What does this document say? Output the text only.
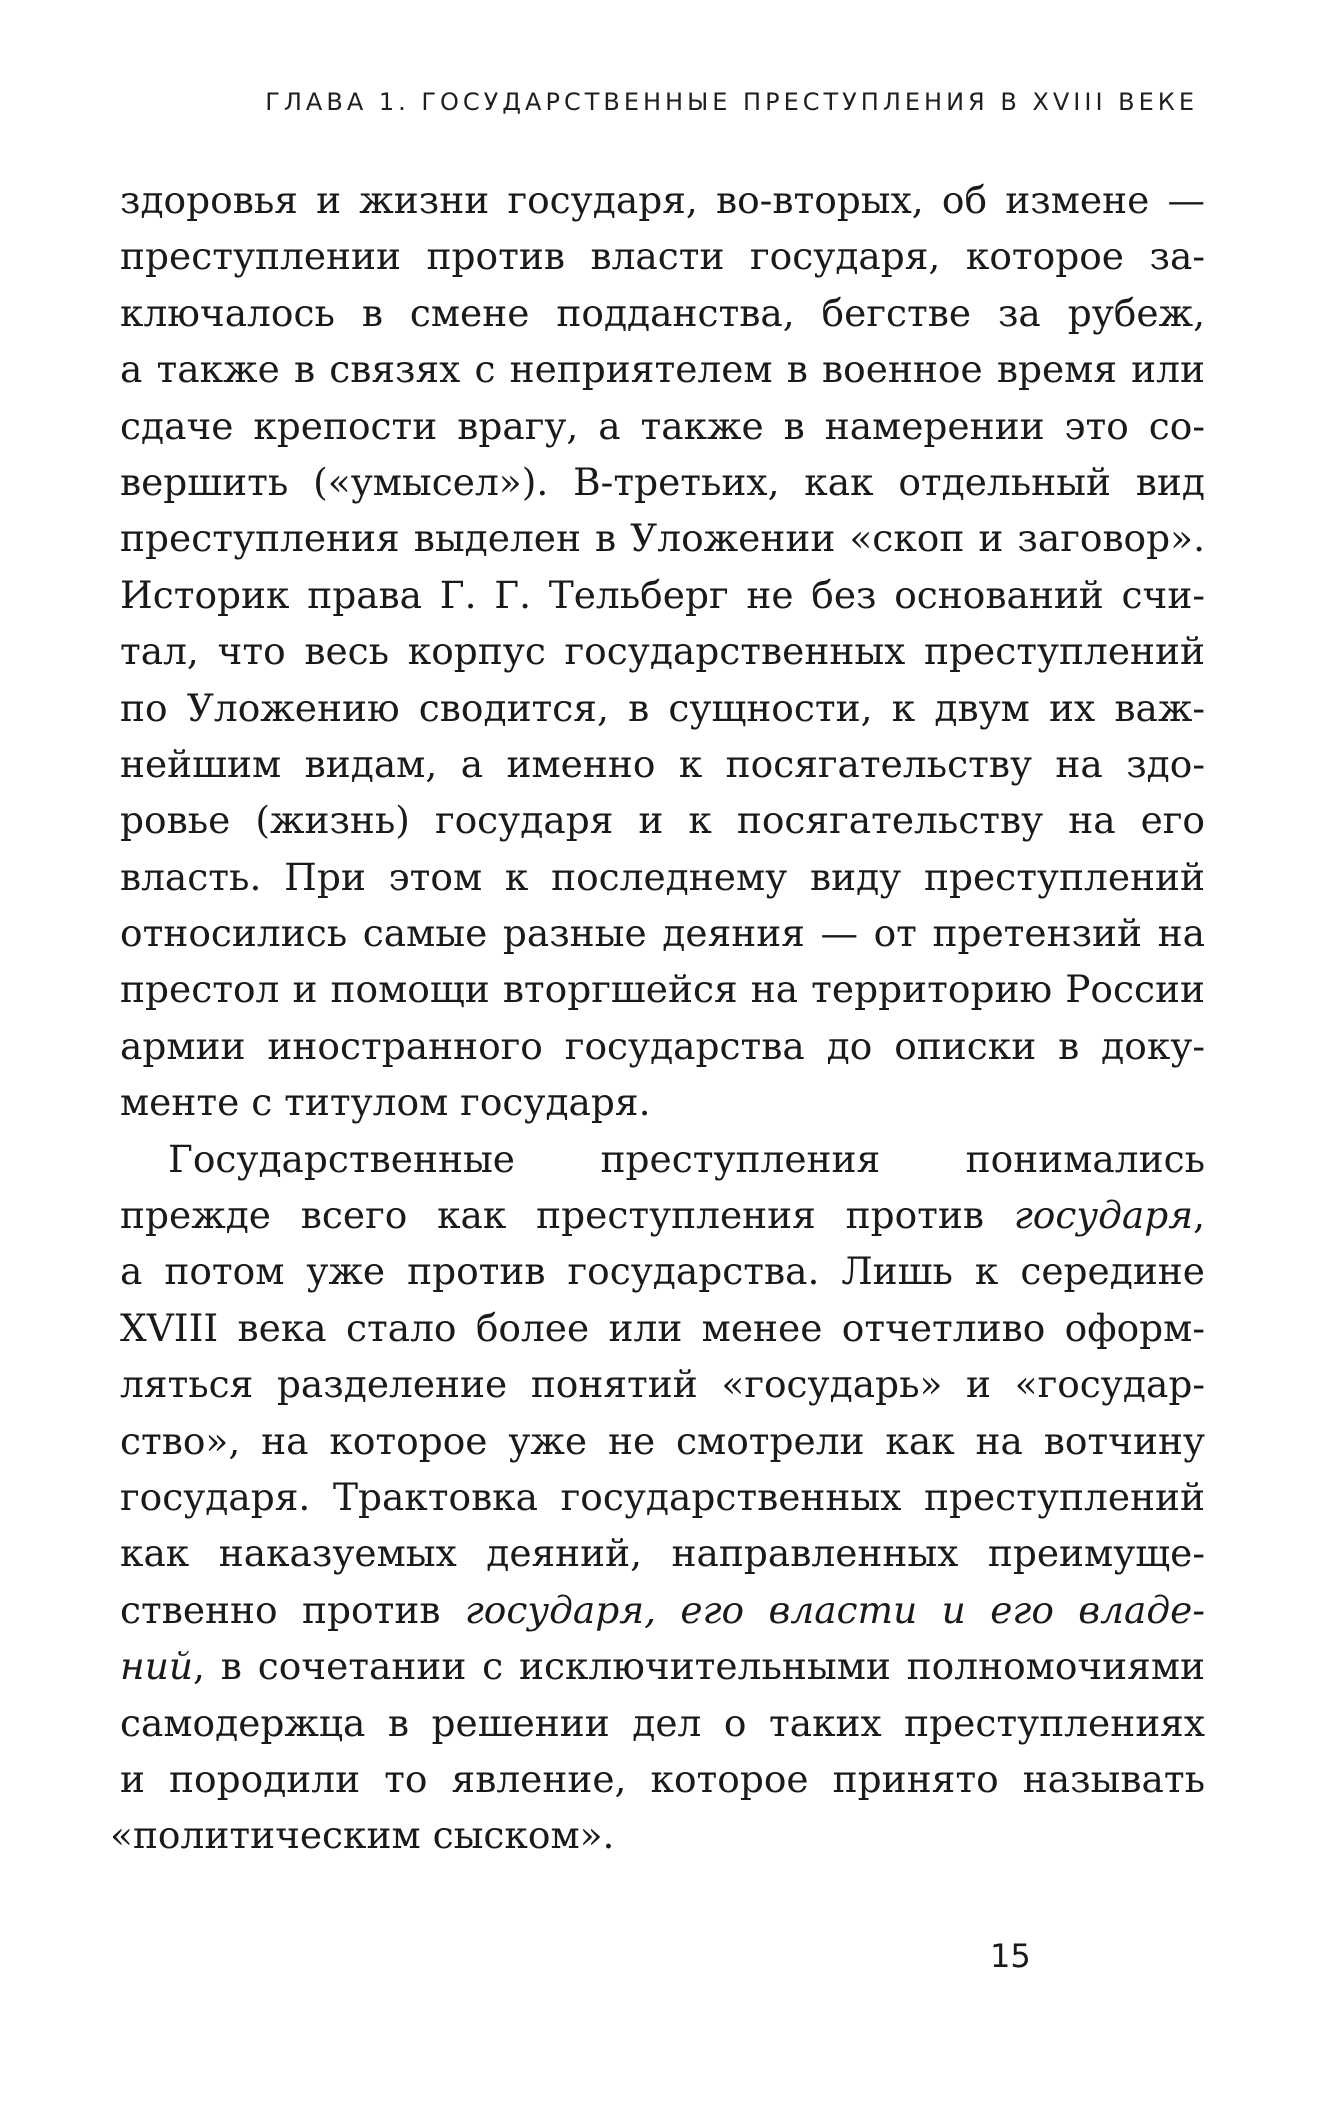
ГЛАВА 1. ГОСУДАРСТВЕННЫЕ ПРЕСТУПЛЕНИЯ В XVIII ВЕКЕ
здоровья и жизни государя, во-вторых, об измене —
преступлении против власти государя, которое за-
ключалось в смене подданства, бегстве за рубеж,
а также в связях с неприятелем в военное время или
сдаче крепости врагу, а также в намерении это со-
вершить («умысел»). В-третьих, как отдельный вид
преступления выделен в Уложении «скоп и заговор».
Историк права Г. Г. Тельберг не без оснований счи-
тал, что весь корпус государственных преступлений
по Уложению сводится, в сущности, к двум их важ-
нейшим видам, а именно к посягательству на здо-
ровье (жизнь) государя и к посягательству на его
власть. При этом к последнему виду преступлений
относились самые разные деяния — от претензий на
престол и помощи вторгшейся на территорию России
армии иностранного государства до описки в доку-
менте с титулом государя.
Государственные преступления понимались
прежде всего как преступления против государя,
а потом уже против государства. Лишь к середине
XVIII века стало более или менее отчетливо оформ-
ляться разделение понятий «государь» и «государ-
ство», на которое уже не смотрели как на вотчину
государя. Трактовка государственных преступлений
как наказуемых деяний, направленных преимуще-
ственно против государя, его власти и его владе-
ний, в сочетании с исключительными полномочиями
самодержца в решении дел о таких преступлениях
и породили то явление, которое принято называть
«политическим сыском».
15
